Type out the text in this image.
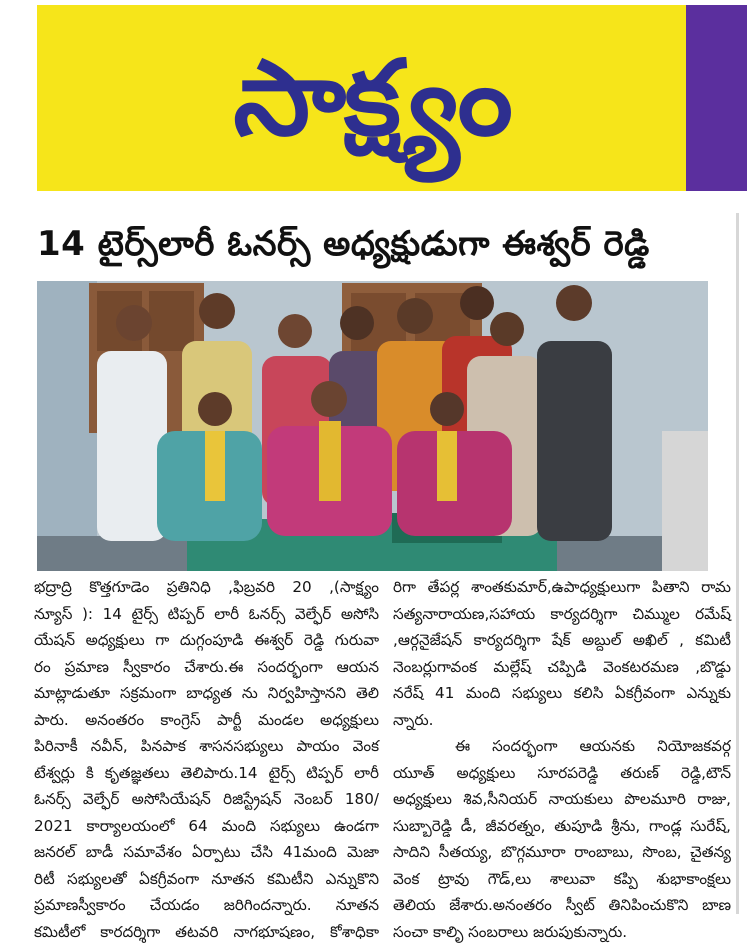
సాక్ష్యం
14 టైర్స్‌లారీ ఓనర్స్ అధ్యక్షుడుగా ఈశ్వర్ రెడ్డి
భద్రాద్రి కొత్తగూడెం ప్రతినిధి ,ఫిబ్రవరి 20 ,(సాక్ష్యం
న్యూస్ ): 14 టైర్స్ టిప్పర్ లారీ ఓనర్స్ వెల్ఫేర్ అసోసి
యేషన్ అధ్యక్షులు గా దుగ్గంపూడి ఈశ్వర్ రెడ్డి గురువా
రం ప్రమాణ స్వీకారం చేశారు.ఈ సందర్భంగా ఆయన
మాట్లాడుతూ సక్రమంగా బాధ్యత ను నిర్వహిస్తానని తెలి
పారు. అనంతరం కాంగ్రెస్ పార్టీ మండల అధ్యక్షులు
పిరినాకీ నవీన్, పినపాక శాసనసభ్యులు పాయం వెంక
టేశ్వర్లు కి కృతజ్ఞతలు తెలిపారు.14 టైర్స్ టిప్పర్ లారీ
ఓనర్స్ వెల్ఫేర్ అసోసియేషన్ రిజిస్ట్రేషన్ నెంబర్ 180/
2021 కార్యాలయంలో 64 మంది సభ్యులు ఉండగా
జనరల్ బాడీ సమావేశం ఏర్పాటు చేసి 41మంది మెజా
రిటీ సభ్యులతో ఏకగ్రీవంగా నూతన కమిటీని ఎన్నుకొని
ప్రమాణస్వీకారం చేయడం జరిగిందన్నారు. నూతన
కమిటీలో కారదర్శిగా తటవరి నాగభూషణం, కోశాధికా
రిగా తేపర్ల శాంతకుమార్,ఉపాధ్యక్షులుగా పితాని రామ
సత్యనారాయణ,సహాయ కార్యదర్శిగా చిమ్ముల రమేష్
,ఆర్గనైజేషన్ కార్యదర్శిగా షేక్ అబ్దుల్ అఖిల్ , కమిటీ
నెంబర్లుగావంక మల్లేష్ చప్పిడి వెంకటరమణ ,బొడ్డు
నరేష్ 41 మంది సభ్యులు కలిసి ఏకగ్రీవంగా ఎన్నుకు
న్నారు.
ఈ సందర్భంగా ఆయనకు నియోజకవర్గ
యూత్ అధ్యక్షులు సూరపరెడ్డి తరుణ్ రెడ్డి,టౌన్
అధ్యక్షులు శివ,సీనియర్ నాయకులు పొలమూరి రాజు,
సుబ్బారెడ్డి డీ, జీవరత్నం, తుపూడి శ్రీను, గాండ్ల సురేష్,
సాదిని సీతయ్య, బొగ్గమూరా రాంబాబు, సొంబ, చైతన్య
వెంక ట్రావు గౌడ్,లు శాలువా కప్పి శుభాకాంక్షలు
తెలియ జేశారు.అనంతరం స్వీట్ తినిపించుకొని బాణ
సంచా కాలిృ సంబరాలు జరుపుకున్నారు.
